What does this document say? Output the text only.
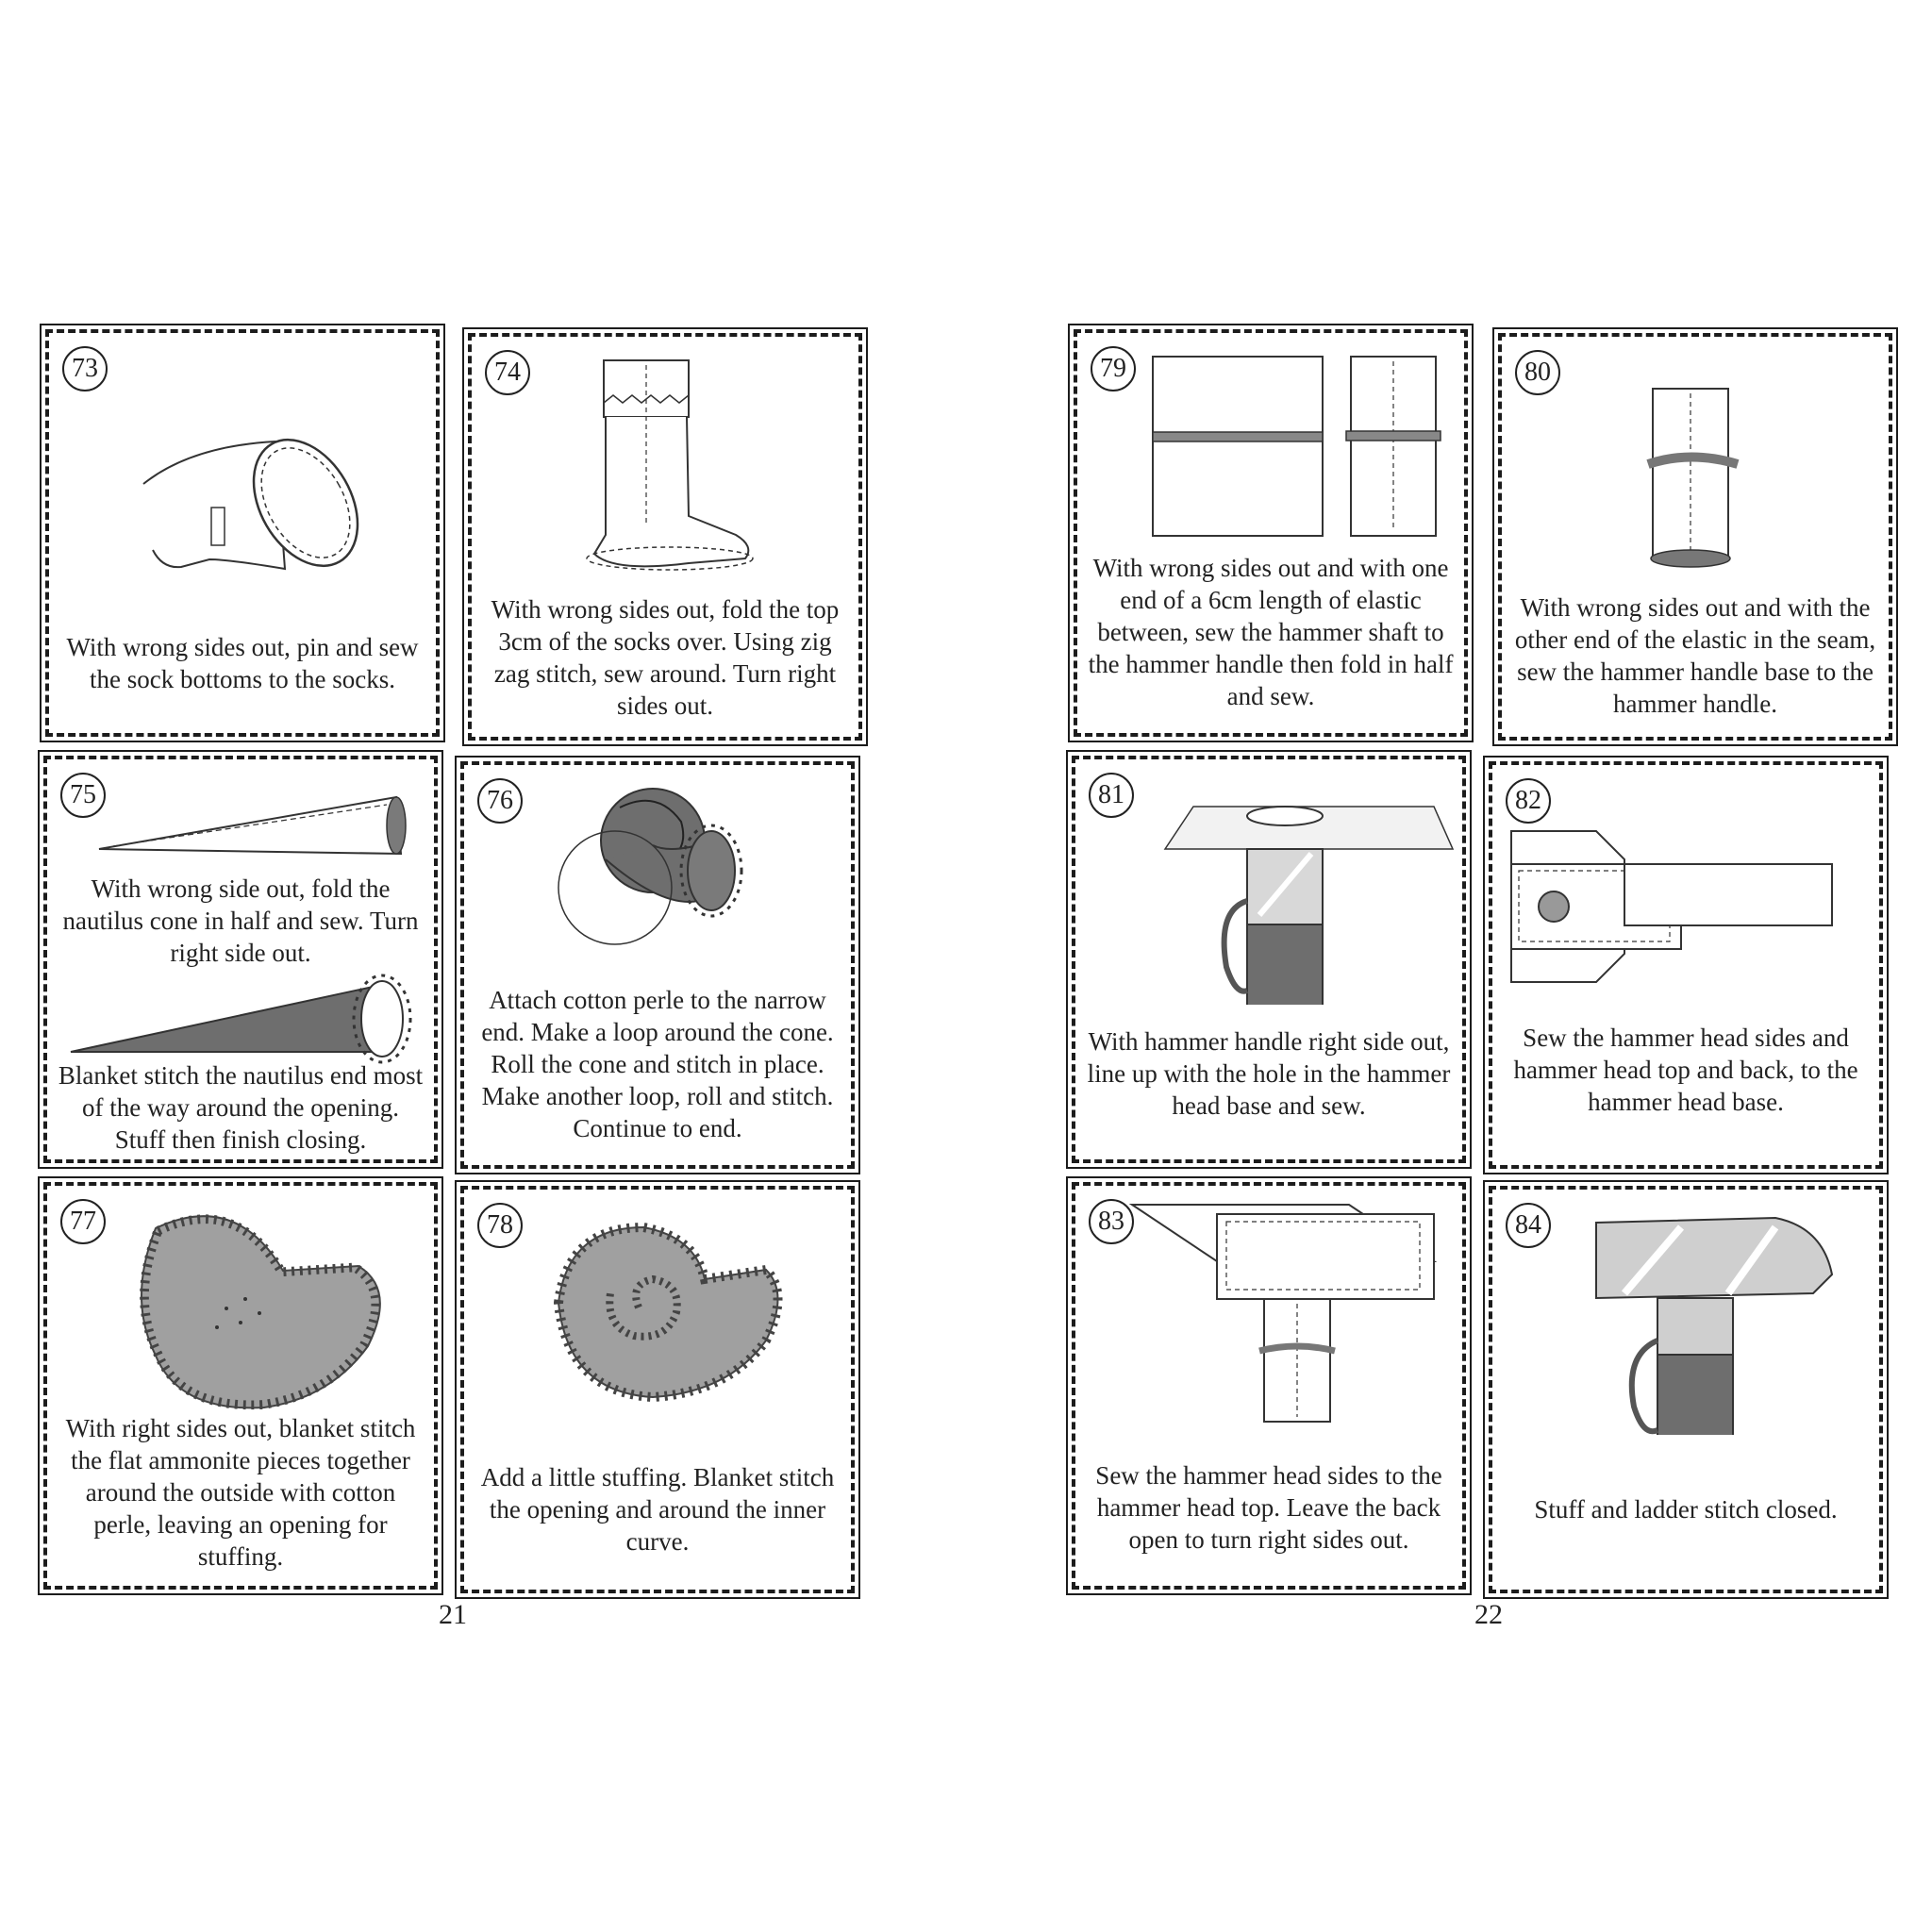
73
With wrong sides out, pin and sew the sock bottoms to the socks.
74
With wrong sides out, fold the top 3cm of the socks over. Using zig zag stitch, sew around. Turn right sides out.
75
With wrong side out, fold the nautilus cone in half and sew. Turn right side out.
Blanket stitch the nautilus end most of the way around the opening. Stuff then finish closing.
76
Attach cotton perle to the narrow end. Make a loop around the cone. Roll the cone and stitch in place. Make another loop, roll and stitch. Continue to end.
77
With right sides out, blanket stitch the flat ammonite pieces together around the outside with cotton perle, leaving an opening for stuffing.
78
Add a little stuffing. Blanket stitch the opening and around the inner curve.
21
79
With wrong sides out and with one end of a 6cm length of elastic between, sew the hammer shaft to the hammer handle then fold in half and sew.
80
With wrong sides out and with the other end of the elastic in the seam, sew the hammer handle base to the hammer handle.
81
With hammer handle right side out, line up with the hole in the hammer head base and sew.
82
Sew the hammer head sides and hammer head top and back, to the hammer head base.
83
Sew the hammer head sides to the hammer head top. Leave the back open to turn right sides out.
84
Stuff and ladder stitch closed.
22
